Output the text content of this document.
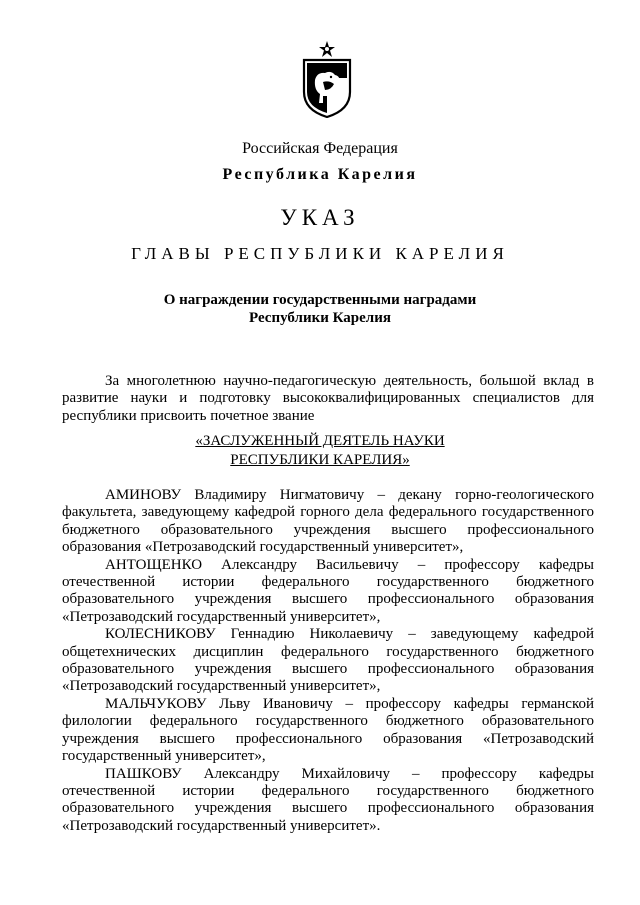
Российская Федерация
Республика Карелия
УКАЗ
ГЛАВЫ РЕСПУБЛИКИ КАРЕЛИЯ
О награждении государственными наградами
Республики Карелия

За многолетнюю научно-педагогическую деятельность, большой вклад в развитие науки и подготовку высококвалифицированных специалистов для республики присвоить почетное звание

«ЗАСЛУЖЕННЫЙ ДЕЯТЕЛЬ НАУКИ
РЕСПУБЛИКИ КАРЕЛИЯ»

АМИНОВУ Владимиру Нигматовичу – декану горно-геологического факультета, заведующему кафедрой горного дела федерального государственного бюджетного образовательного учреждения высшего профессионального образования «Петрозаводский государственный университет»,

АНТОЩЕНКО Александру Васильевичу – профессору кафедры отечественной истории федерального государственного бюджетного образовательного учреждения высшего профессионального образования «Петрозаводский государственный университет»,

КОЛЕСНИКОВУ Геннадию Николаевичу – заведующему кафедрой общетехнических дисциплин федерального государственного бюджетного образовательного учреждения высшего профессионального образования «Петрозаводский государственный университет»,

МАЛЬЧУКОВУ Льву Ивановичу – профессору кафедры германской филологии федерального государственного бюджетного образовательного учреждения высшего профессионального образования «Петрозаводский государственный университет»,

ПАШКОВУ Александру Михайловичу – профессору кафедры отечественной истории федерального государственного бюджетного образовательного учреждения высшего профессионального образования «Петрозаводский государственный университет».
